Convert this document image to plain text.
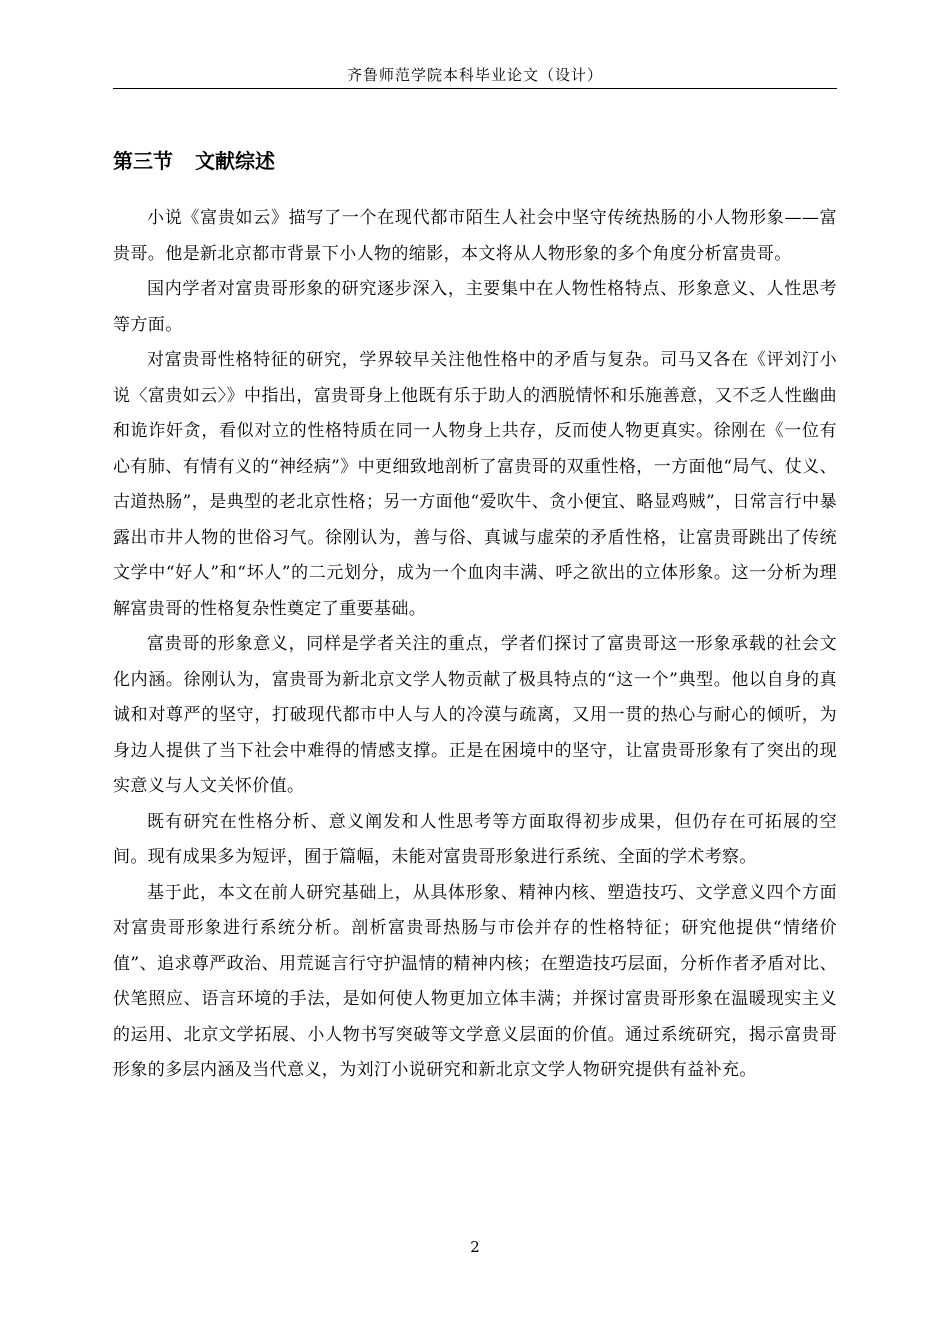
齐鲁师范学院本科毕业论文（设计）
第三节 文献综述

小说《富贵如云》描写了一个在现代都市陌生人社会中坚守传统热肠的小人物形象——富贵哥。他是新北京都市背景下小人物的缩影，本文将从人物形象的多个角度分析富贵哥。

国内学者对富贵哥形象的研究逐步深入，主要集中在人物性格特点、形象意义、人性思考等方面。

对富贵哥性格特征的研究，学界较早关注他性格中的矛盾与复杂。司马又各在《评刘汀小说〈富贵如云〉》中指出，富贵哥身上他既有乐于助人的洒脱情怀和乐施善意，又不乏人性幽曲和诡诈奸贪，看似对立的性格特质在同一人物身上共存，反而使人物更真实。徐刚在《一位有心有肺、有情有义的“神经病”》中更细致地剖析了富贵哥的双重性格，一方面他“局气、仗义、古道热肠”，是典型的老北京性格；另一方面他“爱吹牛、贪小便宜、略显鸡贼”，日常言行中暴露出市井人物的世俗习气。徐刚认为，善与俗、真诚与虚荣的矛盾性格，让富贵哥跳出了传统文学中“好人”和“坏人”的二元划分，成为一个血肉丰满、呼之欲出的立体形象。这一分析为理解富贵哥的性格复杂性奠定了重要基础。

富贵哥的形象意义，同样是学者关注的重点，学者们探讨了富贵哥这一形象承载的社会文化内涵。徐刚认为，富贵哥为新北京文学人物贡献了极具特点的“这一个”典型。他以自身的真诚和对尊严的坚守，打破现代都市中人与人的冷漠与疏离，又用一贯的热心与耐心的倾听，为身边人提供了当下社会中难得的情感支撑。正是在困境中的坚守，让富贵哥形象有了突出的现实意义与人文关怀价值。

既有研究在性格分析、意义阐发和人性思考等方面取得初步成果，但仍存在可拓展的空间。现有成果多为短评，囿于篇幅，未能对富贵哥形象进行系统、全面的学术考察。

基于此，本文在前人研究基础上，从具体形象、精神内核、塑造技巧、文学意义四个方面对富贵哥形象进行系统分析。剖析富贵哥热肠与市侩并存的性格特征；研究他提供“情绪价值”、追求尊严政治、用荒诞言行守护温情的精神内核；在塑造技巧层面，分析作者矛盾对比、伏笔照应、语言环境的手法，是如何使人物更加立体丰满；并探讨富贵哥形象在温暖现实主义的运用、北京文学拓展、小人物书写突破等文学意义层面的价值。通过系统研究，揭示富贵哥形象的多层内涵及当代意义，为刘汀小说研究和新北京文学人物研究提供有益补充。

2
